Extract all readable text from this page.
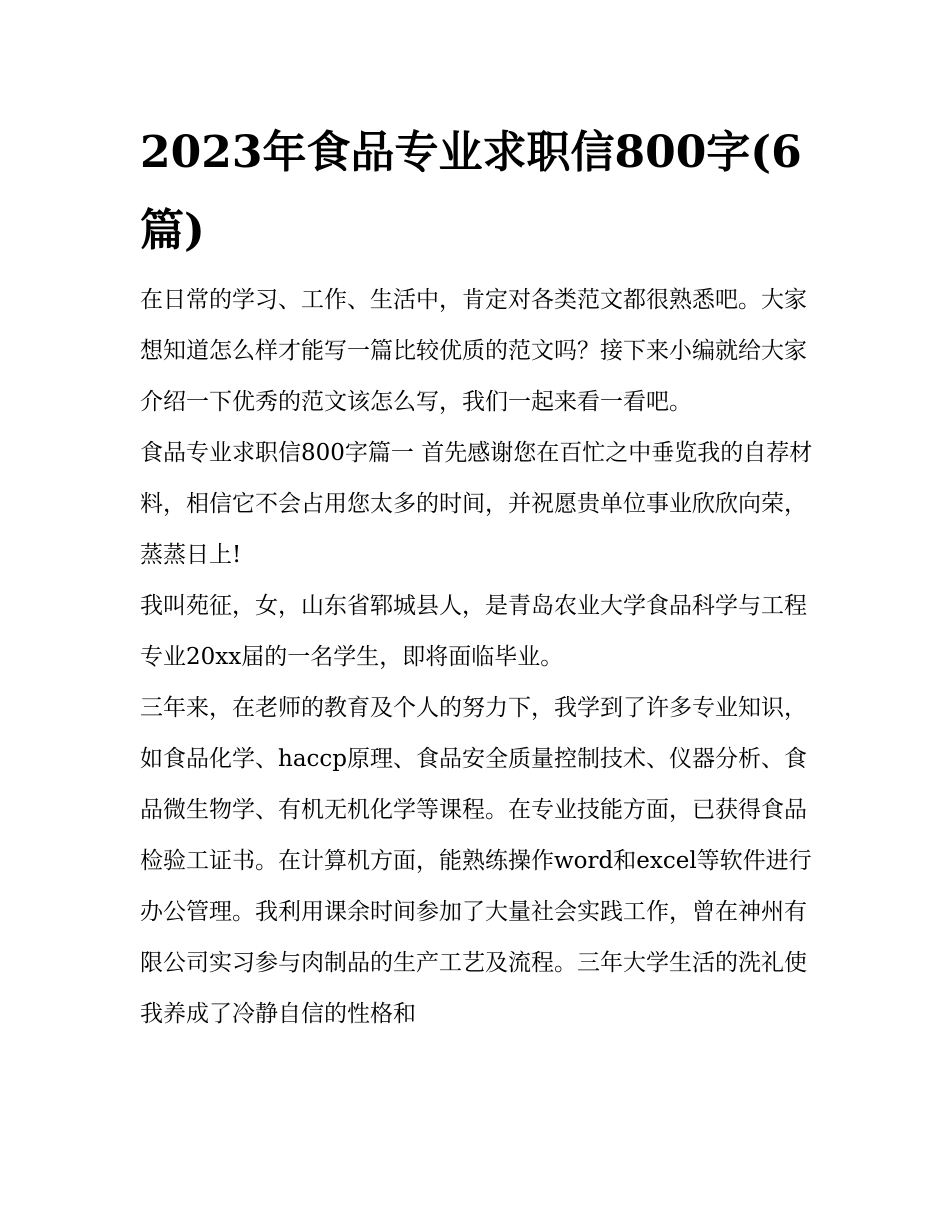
2023年食品专业求职信800字(6篇)

在日常的学习、工作、生活中，肯定对各类范文都很熟悉吧。大家想知道怎么样才能写一篇比较优质的范文吗？接下来小编就给大家介绍一下优秀的范文该怎么写，我们一起来看一看吧。

食品专业求职信800字篇一 首先感谢您在百忙之中垂览我的自荐材料，相信它不会占用您太多的时间，并祝愿贵单位事业欣欣向荣，蒸蒸日上!

我叫苑征，女，山东省郓城县人，是青岛农业大学食品科学与工程专业20xx届的一名学生，即将面临毕业。

三年来，在老师的教育及个人的努力下，我学到了许多专业知识，如食品化学、haccp原理、食品安全质量控制技术、仪器分析、食品微生物学、有机无机化学等课程。在专业技能方面，已获得食品检验工证书。在计算机方面，能熟练操作word和excel等软件进行办公管理。我利用课余时间参加了大量社会实践工作，曾在神州有限公司实习参与肉制品的生产工艺及流程。三年大学生活的洗礼使我养成了冷静自信的性格和
